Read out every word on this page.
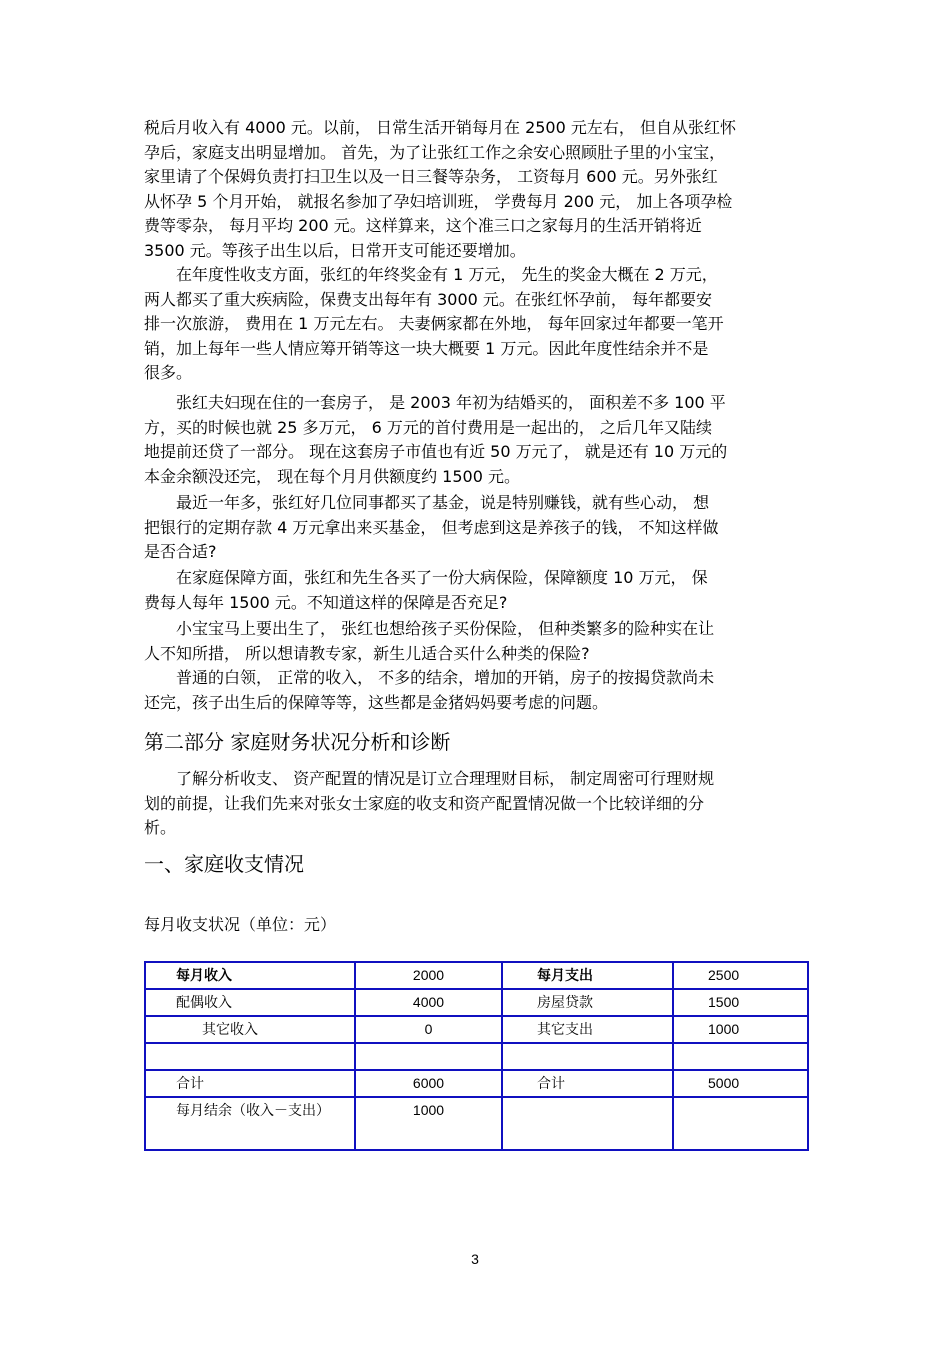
税后月收入有 4000 元。以前， 日常生活开销每月在 2500 元左右， 但自从张红怀
孕后，家庭支出明显增加。 首先，为了让张红工作之余安心照顾肚子里的小宝宝，
家里请了个保姆负责打扫卫生以及一日三餐等杂务， 工资每月 600 元。另外张红
从怀孕 5 个月开始， 就报名参加了孕妇培训班， 学费每月 200 元， 加上各项孕检
费等零杂， 每月平均 200 元。这样算来，这个准三口之家每月的生活开销将近
3500 元。等孩子出生以后，日常开支可能还要增加。
　　在年度性收支方面，张红的年终奖金有 1 万元， 先生的奖金大概在 2 万元，
两人都买了重大疾病险，保费支出每年有 3000 元。在张红怀孕前， 每年都要安
排一次旅游， 费用在 1 万元左右。 夫妻俩家都在外地， 每年回家过年都要一笔开
销，加上每年一些人情应筹开销等这一块大概要 1 万元。因此年度性结余并不是
很多。
　　张红夫妇现在住的一套房子， 是 2003 年初为结婚买的， 面积差不多 100 平
方，买的时候也就 25 多万元， 6 万元的首付费用是一起出的， 之后几年又陆续
地提前还贷了一部分。 现在这套房子市值也有近 50 万元了， 就是还有 10 万元的
本金余额没还完， 现在每个月月供额度约 1500 元。
　　最近一年多，张红好几位同事都买了基金，说是特别赚钱，就有些心动， 想
把银行的定期存款 4 万元拿出来买基金， 但考虑到这是养孩子的钱， 不知这样做
是否合适?
　　在家庭保障方面，张红和先生各买了一份大病保险，保障额度 10 万元， 保
费每人每年 1500 元。不知道这样的保障是否充足?
　　小宝宝马上要出生了， 张红也想给孩子买份保险， 但种类繁多的险种实在让
人不知所措， 所以想请教专家，新生儿适合买什么种类的保险?
　　普通的白领， 正常的收入， 不多的结余，增加的开销，房子的按揭贷款尚未
还完，孩子出生后的保障等等，这些都是金猪妈妈要考虑的问题。
第二部分 家庭财务状况分析和诊断
　　了解分析收支、 资产配置的情况是订立合理理财目标， 制定周密可行理财规
划的前提，让我们先来对张女士家庭的收支和资产配置情况做一个比较详细的分
析。
一、家庭收支情况
每月收支状况（单位：元）
每月收入	2000	每月支出	2500
配偶收入	4000	房屋贷款	1500
其它收入	0	其它支出	1000

合计	6000	合计	5000
每月结余（收入－支出）	1000		
3
